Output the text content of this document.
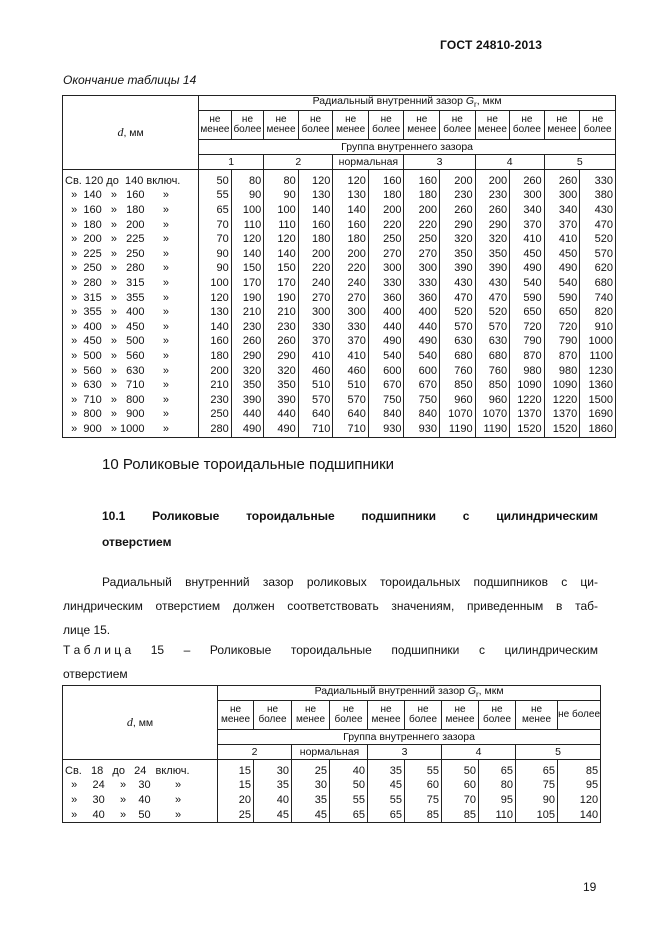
ГОСТ 24810-2013
Окончание таблицы 14
d, мм	Радиальный внутренний зазор $G_r$, мкм											
	не менее	не более	не менее	не более	не менее	не более	не менее	не более	не менее	не более	не менее	не более
	Группа внутреннего зазора											
	1		2		нормальная		3		4		5	
Св. 120 до  140 включ.	50	80	80	120	120	160	160	200	200	260	260	330
»  140   »   160      »	55	90	90	130	130	180	180	230	230	300	300	380
»  160   »   180      »	65	100	100	140	140	200	200	260	260	340	340	430
»  180   »   200      »	70	110	110	160	160	220	220	290	290	370	370	470
»  200   »   225      »	70	120	120	180	180	250	250	320	320	410	410	520
»  225   »   250      »	90	140	140	200	200	270	270	350	350	450	450	570
»  250   »   280      »	90	150	150	220	220	300	300	390	390	490	490	620
»  280   »   315      »	100	170	170	240	240	330	330	430	430	540	540	680
»  315   »   355      »	120	190	190	270	270	360	360	470	470	590	590	740
»  355   »   400      »	130	210	210	300	300	400	400	520	520	650	650	820
»  400   »   450      »	140	230	230	330	330	440	440	570	570	720	720	910
»  450   »   500      »	160	260	260	370	370	490	490	630	630	790	790	1000
»  500   »   560      »	180	290	290	410	410	540	540	680	680	870	870	1100
»  560   »   630      »	200	320	320	460	460	600	600	760	760	980	980	1230
»  630   »   710      »	210	350	350	510	510	670	670	850	850	1090	1090	1360
»  710   »   800      »	230	390	390	570	570	750	750	960	960	1220	1220	1500
»  800   »   900      »	250	440	440	640	640	840	840	1070	1070	1370	1370	1690
»  900   » 1000      »	280	490	490	710	710	930	930	1190	1190	1520	1520	1860
10 Роликовые тороидальные подшипники
10.1 Роликовые тороидальные подшипники с цилиндрическим
отверстием
Радиальный внутренний зазор роликовых тороидальных подшипников с ци-
линдрическим отверстием должен соответствовать значениям, приведенным в таб-
лице 15.
Т а б л и ц а 15 – Роликовые тороидальные подшипники с цилиндрическим
отверстием
d, мм	Радиальный внутренний зазор $G_r$, мкм									
	не менее	не более	не менее	не более	не менее	не более	не менее	не более	не менее	не более
	Группа внутреннего зазора									
	2		нормальная		3		4		5	
Св.   18   до   24   включ.	15	30	25	40	35	55	50	65	65	85
»     24     »    30        »	15	35	30	50	45	60	60	80	75	95
»     30     »    40        »	20	40	35	55	55	75	70	95	90	120
»     40     »    50        »	25	45	45	65	65	85	85	110	105	140
19
